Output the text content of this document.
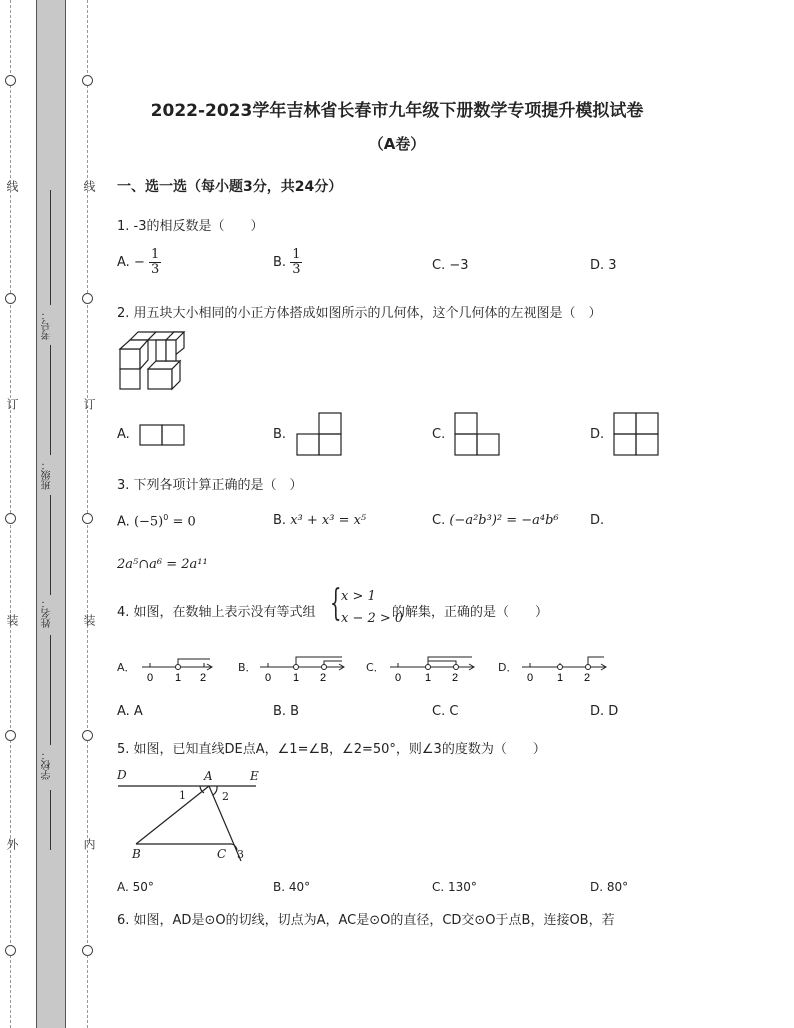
线
订
装
外
线
订
装
内
考号：
班级：
姓名：
学校：
2022-2023学年吉林省长春市九年级下册数学专项提升模拟试卷
（A卷）
一、选一选（每小题3分，共24分）
1. -3的相反数是（　　）
A. − $\frac{1}{3}$	B. $\frac{1}{3}$	C. −3	D. 3
2. 用五块大小相同的小正方体搭成如图所示的几何体，这个几何体的左视图是（　）
A.	B.	C.	D.
3. 下列各项计算正确的是（　）
A. $(-5)^0 = 0$	B. x³ + x³ = x⁵	C. (−a²b³)² = −a⁴b⁶ D.
2a⁵∩a⁶ = 2a¹¹
4. 如图，在数轴上表示没有等式组 { x > 1
x − 2 > 0
的解集，正确的是（　　）
A．
0 1 2
B．
0 1 2
C．
0 1 2
D．
0 1 2
A. A	B. B	C. C	D. D
5. 如图，已知直线DE点A，∠1=∠B，∠2=50°，则∠3的度数为（　　）
D	A	E
B	C
1	2
3
A. 50°	B. 40°	C. 130°	D. 80°
6. 如图，AD是⊙O的切线，切点为A，AC是⊙O的直径，CD交⊙O于点B，连接OB，若
